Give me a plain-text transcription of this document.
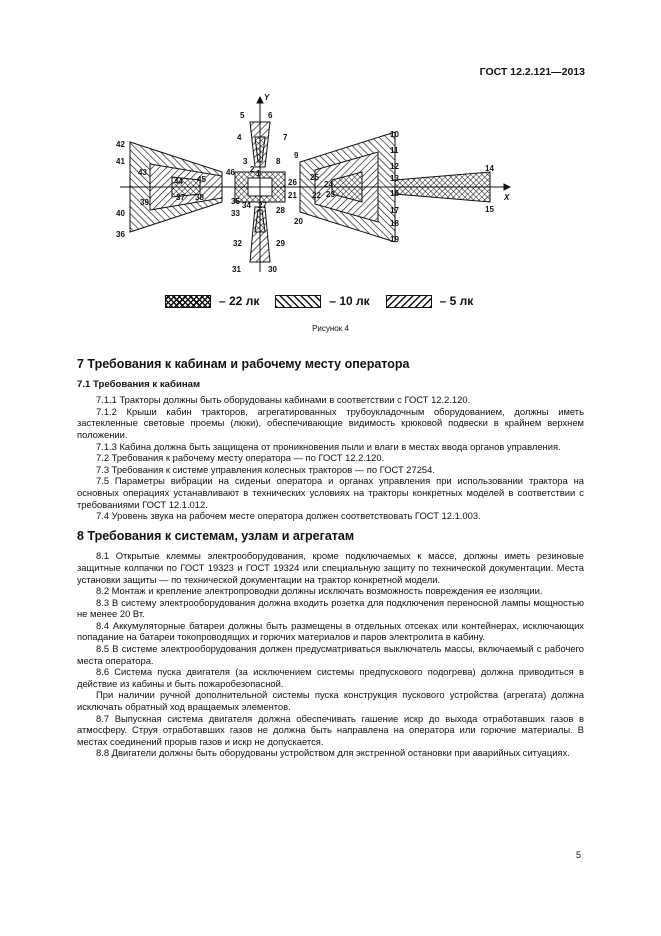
ГОСТ 12.2.121—2013
1
2
3
4
5	6
7
8
9
10
11
12
13
14
15
16
17
18
19
20
21 22 23
24
25
26
27
28
29
30
31
32
33
34
35
36
37 38
39
40
41
42
43
44 45
46
Y
X
– 22 лк	– 10 лк	– 5 лк
Рисунок 4
7 Требования к кабинам и рабочему месту оператора
7.1 Требования к кабинам

7.1.1 Тракторы должны быть оборудованы кабинами в соответствии с ГОСТ 12.2.120.

7.1.2 Крыши кабин тракторов, агрегатированных трубоукладочным оборудованием, должны иметь застекленные световые проемы (люки), обеспечивающие видимость крюковой подвески в крайнем верхнем положении.

7.1.3 Кабина должна быть защищена от проникновения пыли и влаги в местах ввода органов управления.

7.2 Требования к рабочему месту оператора — по ГОСТ 12.2.120.

7.3 Требования к системе управления колесных тракторов — по ГОСТ 27254.

7.5 Параметры вибрации на сиденьи оператора и органах управления при использовании трактора на основных операциях устанавливают в технических условиях на тракторы конкретных моделей в соответствии с требованиями ГОСТ 12.1.012.

7.4 Уровень звука на рабочем месте оператора должен соответствовать ГОСТ 12.1.003.

8 Требования к системам, узлам и агрегатам

8.1 Открытые клеммы электрооборудования, кроме подключаемых к массе, должны иметь резиновые защитные колпачки по ГОСТ 19323 и ГОСТ 19324 или специальную защиту по технической документации. Места установки защиты — по технической документации на трактор конкретной модели.

8.2 Монтаж и крепление электропроводки должны исключать возможность повреждения ее изоляции.

8.3 В систему электрооборудования должна входить розетка для подключения переносной лампы мощностью не менее 20 Вт.

8.4 Аккумуляторные батареи должны быть размещены в отдельных отсеках или контейнерах, исключающих попадание на батареи токопроводящих и горючих материалов и паров электролита в кабину.

8.5 В системе электрооборудования должен предусматриваться выключатель массы, включаемый с рабочего места оператора.

8.6 Система пуска двигателя (за исключением системы предпускового подогрева) должна приводиться в действие из кабины и быть пожаробезопасной.

При наличии ручной дополнительной системы пуска конструкция пускового устройства (агрегата) должна исключать обратный ход вращаемых элементов.

8.7 Выпускная система двигателя должна обеспечивать гашение искр до выхода отработавших газов в атмосферу. Струя отработавших газов не должна быть направлена на оператора или горючие материалы. В местах соединений прорыв газов и искр не допускается.

8.8 Двигатели должны быть оборудованы устройством для экстренной остановки при аварийных ситуациях.

5
